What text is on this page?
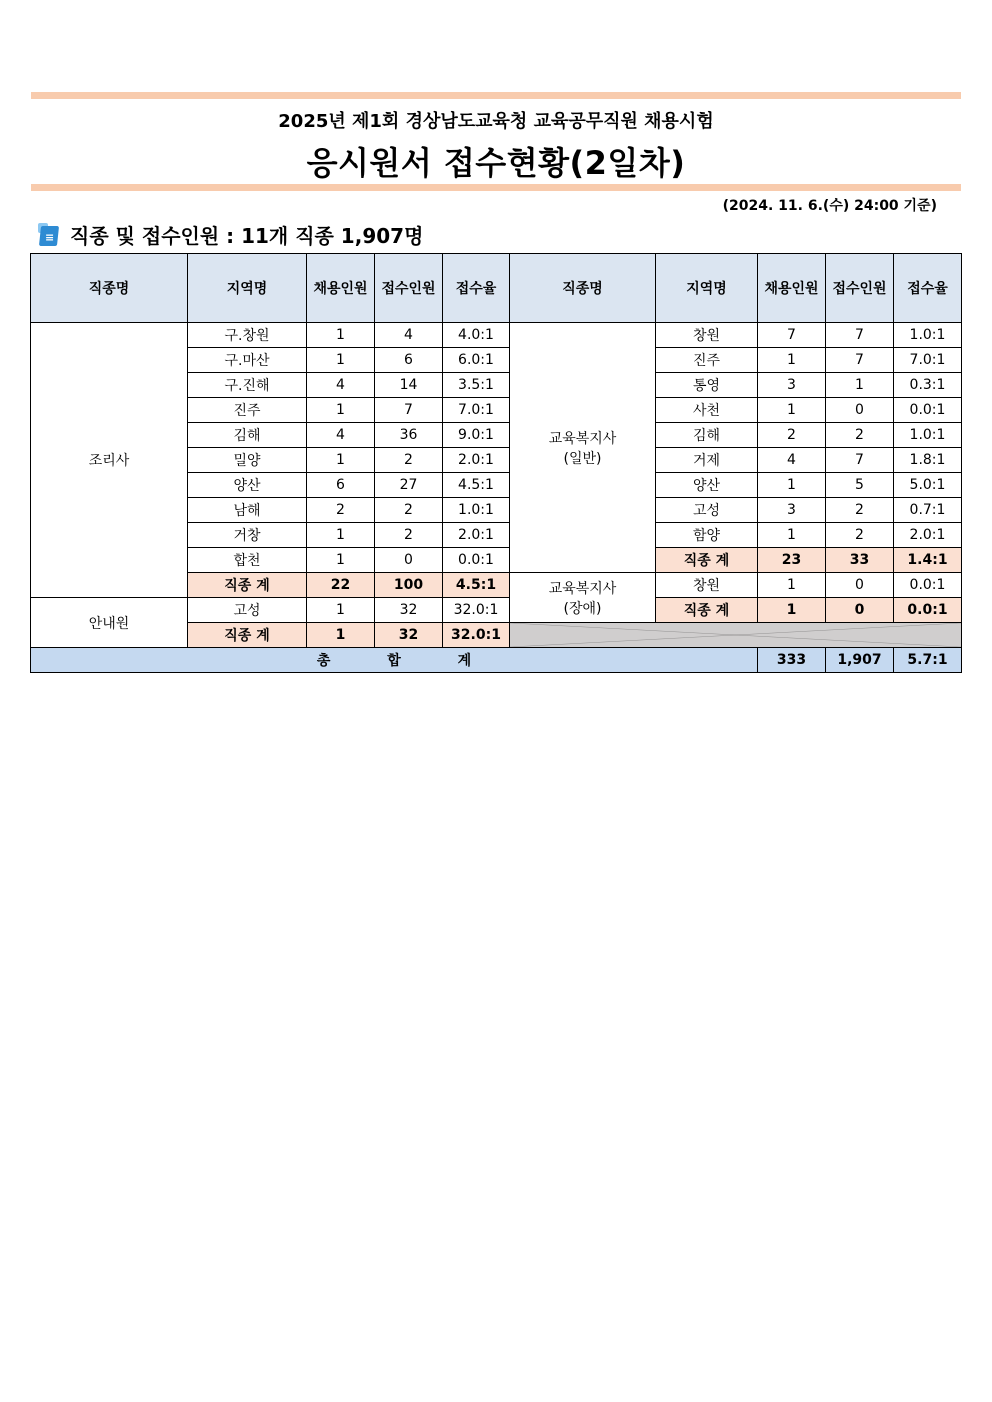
2025년 제1회 경상남도교육청 교육공무직원 채용시험
응시원서 접수현황(2일차)
(2024. 11. 6.(수) 24:00 기준)
≡ 직종 및 접수인원 : 11개 직종 1,907명
직종명	지역명	채용인원	접수인원	접수율	직종명	지역명	채용인원	접수인원	접수율
조리사	구.창원	1	4	4.0:1	교육복지사
(일반)	창원	7	7	1.0:1
	구.마산	1	6	6.0:1		진주	1	7	7.0:1
	구.진해	4	14	3.5:1		통영	3	1	0.3:1
	진주	1	7	7.0:1		사천	1	0	0.0:1
	김해	4	36	9.0:1		김해	2	2	1.0:1
	밀양	1	2	2.0:1		거제	4	7	1.8:1
	양산	6	27	4.5:1		양산	1	5	5.0:1
	남해	2	2	1.0:1		고성	3	2	0.7:1
	거창	1	2	2.0:1		함양	1	2	2.0:1
	합천	1	0	0.0:1		직종 계	23	33	1.4:1
	직종 계	22	100	4.5:1	교육복지사
(장애)	창원	1	0	0.0:1
안내원	고성	1	32	32.0:1		직종 계	1	0	0.0:1
	직종 계	1	32	32.0:1	

총 합 계							333	1,907	5.7:1
